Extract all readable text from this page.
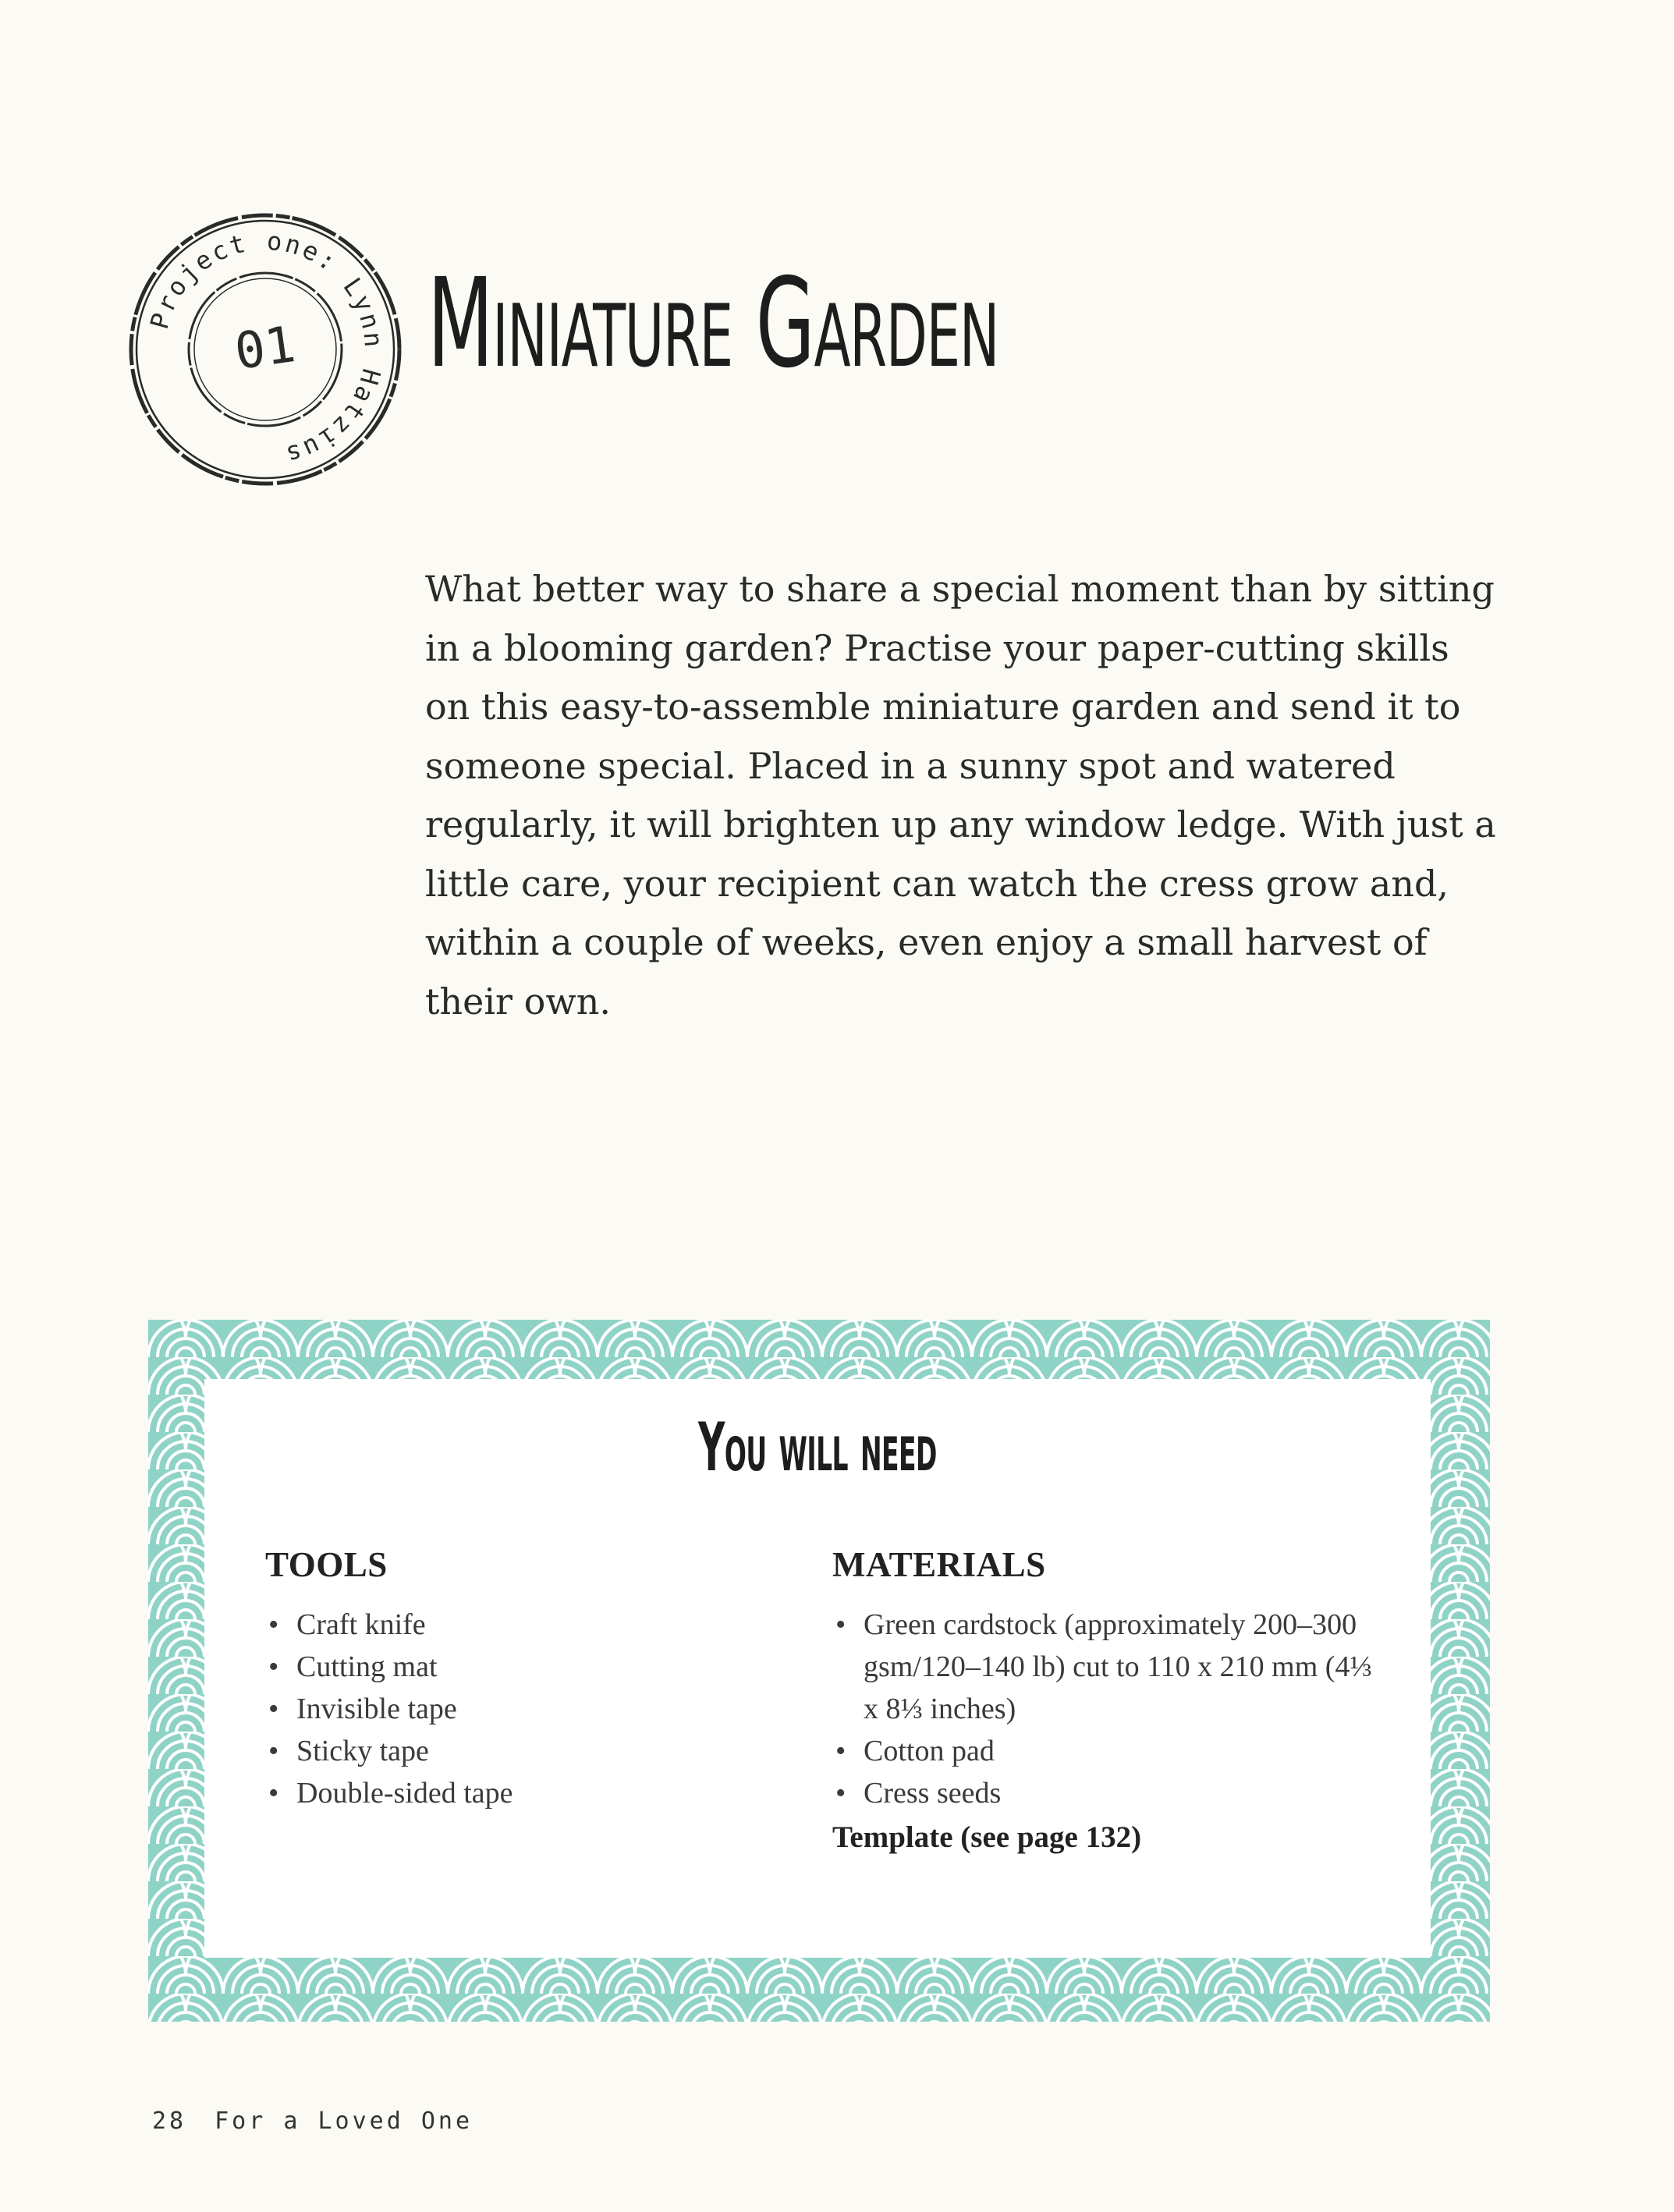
Project one: Lynn Hatzius
01 Miniature Garden

What better way to share a special moment than by sitting in a blooming garden? Practise your paper-cutting skills on this easy-to-assemble miniature garden and send it to someone special. Placed in a sunny spot and watered regularly, it will brighten up any window ledge. With just a little care, your recipient can watch the cress grow and, within a couple of weeks, even enjoy a small harvest of their own.

You will need
TOOLS
• Craft knife
• Cutting mat
• Invisible tape
• Sticky tape
• Double-sided tape
MATERIALS
• Green cardstock (approximately 200–300 gsm/120–140 lb) cut to 110 x 210 mm (4⅓ x 8⅓ inches)
• Cotton pad
• Cress seeds

Template (see page 132)

28 For a Loved One
